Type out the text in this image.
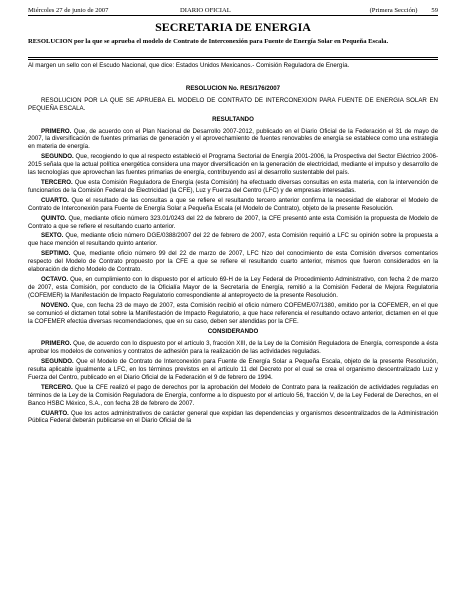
Miércoles 27 de junio de 2007	DIARIO OFICIAL	(Primera Sección) 59
SECRETARIA DE ENERGIA

RESOLUCION por la que se aprueba el modelo de Contrato de Interconexión para Fuente de Energía Solar en Pequeña Escala.

Al margen un sello con el Escudo Nacional, que dice: Estados Unidos Mexicanos.- Comisión Reguladora de Energía.

RESOLUCION No. RES/176/2007

RESOLUCION POR LA QUE SE APRUEBA EL MODELO DE CONTRATO DE INTERCONEXION PARA FUENTE DE ENERGIA SOLAR EN PEQUEÑA ESCALA.

RESULTANDO

PRIMERO. Que, de acuerdo con el Plan Nacional de Desarrollo 2007-2012, publicado en el Diario Oficial de la Federación el 31 de mayo de 2007, la diversificación de fuentes primarias de generación y el aprovechamiento de fuentes renovables de energía se establece como una estrategia en materia de energía.

SEGUNDO. Que, recogiendo lo que al respecto estableció el Programa Sectorial de Energía 2001-2006, la Prospectiva del Sector Eléctrico 2006-2015 señala que la actual política energética considera una mayor diversificación en la generación de electricidad, mediante el impulso y desarrollo de las tecnologías que aprovechan las fuentes primarias de energía, contribuyendo así al desarrollo sustentable del país.

TERCERO. Que esta Comisión Reguladora de Energía (esta Comisión) ha efectuado diversas consultas en esta materia, con la intervención de funcionarios de la Comisión Federal de Electricidad (la CFE), Luz y Fuerza del Centro (LFC) y de empresas interesadas.

CUARTO. Que el resultado de las consultas a que se refiere el resultando tercero anterior confirma la necesidad de elaborar el Modelo de Contrato de Interconexión para Fuente de Energía Solar a Pequeña Escala (el Modelo de Contrato), objeto de la presente Resolución.

QUINTO. Que, mediante oficio número 323.01/0243 del 22 de febrero de 2007, la CFE presentó ante esta Comisión la propuesta de Modelo de Contrato a que se refiere el resultando cuarto anterior.

SEXTO. Que, mediante oficio número DGE/0388/2007 del 22 de febrero de 2007, esta Comisión requirió a LFC su opinión sobre la propuesta a que hace mención el resultando quinto anterior.

SEPTIMO. Que, mediante oficio número 99 del 22 de marzo de 2007, LFC hizo del conocimiento de esta Comisión diversos comentarios respecto del Modelo de Contrato propuesto por la CFE a que se refiere el resultando cuarto anterior, mismos que fueron considerados en la elaboración de dicho Modelo de Contrato.

OCTAVO. Que, en cumplimiento con lo dispuesto por el artículo 69-H de la Ley Federal de Procedimiento Administrativo, con fecha 2 de marzo de 2007, esta Comisión, por conducto de la Oficialía Mayor de la Secretaría de Energía, remitió a la Comisión Federal de Mejora Regulatoria (COFEMER) la Manifestación de Impacto Regulatorio correspondiente al anteproyecto de la presente Resolución.

NOVENO. Que, con fecha 23 de mayo de 2007, esta Comisión recibió el oficio número COFEME/07/1380, emitido por la COFEMER, en el que se comunicó el dictamen total sobre la Manifestación de Impacto Regulatorio, a que hace referencia el resultando octavo anterior, dictamen en el que la COFEMER efectúa diversas recomendaciones, que en su caso, deben ser atendidas por la CFE.

CONSIDERANDO

PRIMERO. Que, de acuerdo con lo dispuesto por el artículo 3, fracción XIII, de la Ley de la Comisión Reguladora de Energía, corresponde a ésta aprobar los modelos de convenios y contratos de adhesión para la realización de las actividades reguladas.

SEGUNDO. Que el Modelo de Contrato de Interconexión para Fuente de Energía Solar a Pequeña Escala, objeto de la presente Resolución, resulta aplicable igualmente a LFC, en los términos previstos en el artículo 11 del Decreto por el cual se crea el organismo descentralizado Luz y Fuerza del Centro, publicado en el Diario Oficial de la Federación el 9 de febrero de 1994.

TERCERO. Que la CFE realizó el pago de derechos por la aprobación del Modelo de Contrato para la realización de actividades reguladas en términos de la Ley de la Comisión Reguladora de Energía, conforme a lo dispuesto por el artículo 56, fracción V, de la Ley Federal de Derechos, en el Banco HSBC México, S.A., con fecha 28 de febrero de 2007.

CUARTO. Que los actos administrativos de carácter general que expidan las dependencias y organismos descentralizados de la Administración Pública Federal deberán publicarse en el Diario Oficial de la
